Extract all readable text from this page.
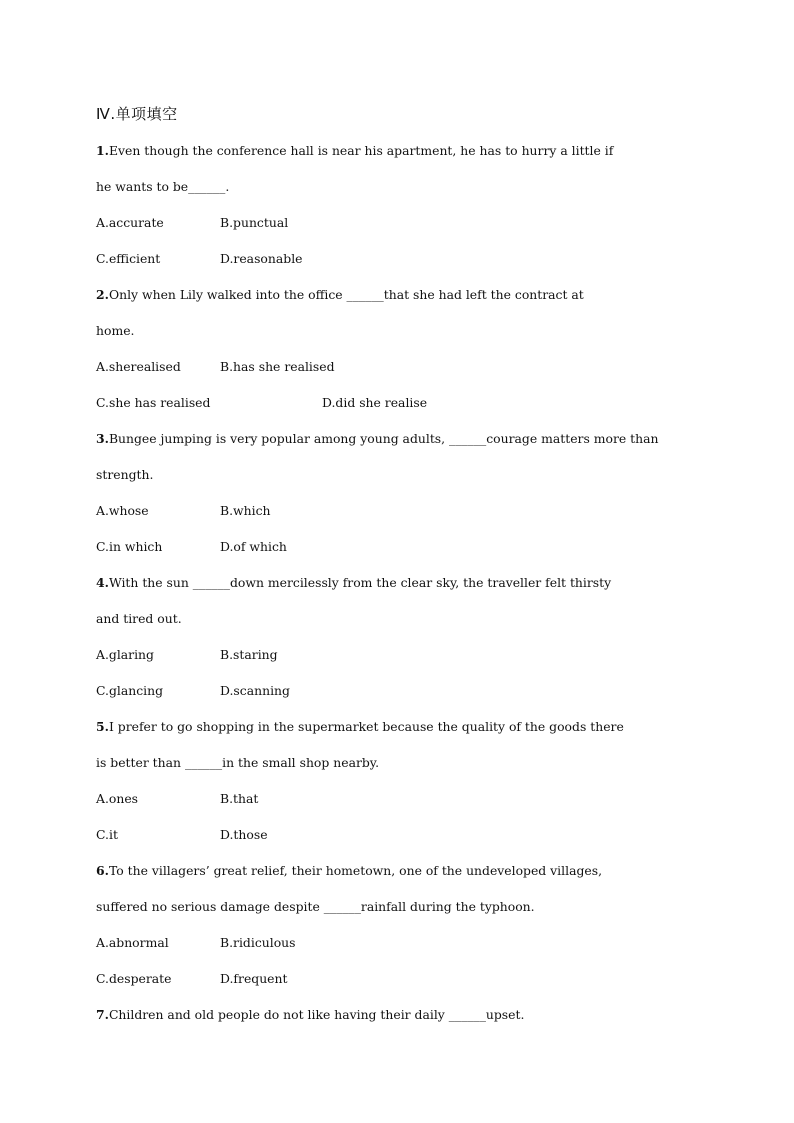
Ⅳ.单项填空
1.Even though the conference hall is near his apartment, he has to hurry a little if
he wants to be______.
A.accurate	B.punctual
C.efficient	D.reasonable
2.Only when Lily walked into the office ______that she had left the contract at
home.
A.sherealised	B.has she realised
C.she has realised	D.did she realise
3.Bungee jumping is very popular among young adults, ______courage matters more than
strength.
A.whose	B.which
C.in which	D.of which
4.With the sun ______down mercilessly from the clear sky, the traveller felt thirsty
and tired out.
A.glaring	B.staring
C.glancing	D.scanning
5.I prefer to go shopping in the supermarket because the quality of the goods there
is better than ______in the small shop nearby.
A.ones	B.that
C.it	D.those
6.To the villagers’ great relief, their hometown, one of the undeveloped villages,
suffered no serious damage despite ______rainfall during the typhoon.
A.abnormal	B.ridiculous
C.desperate	D.frequent
7.Children and old people do not like having their daily ______upset.
